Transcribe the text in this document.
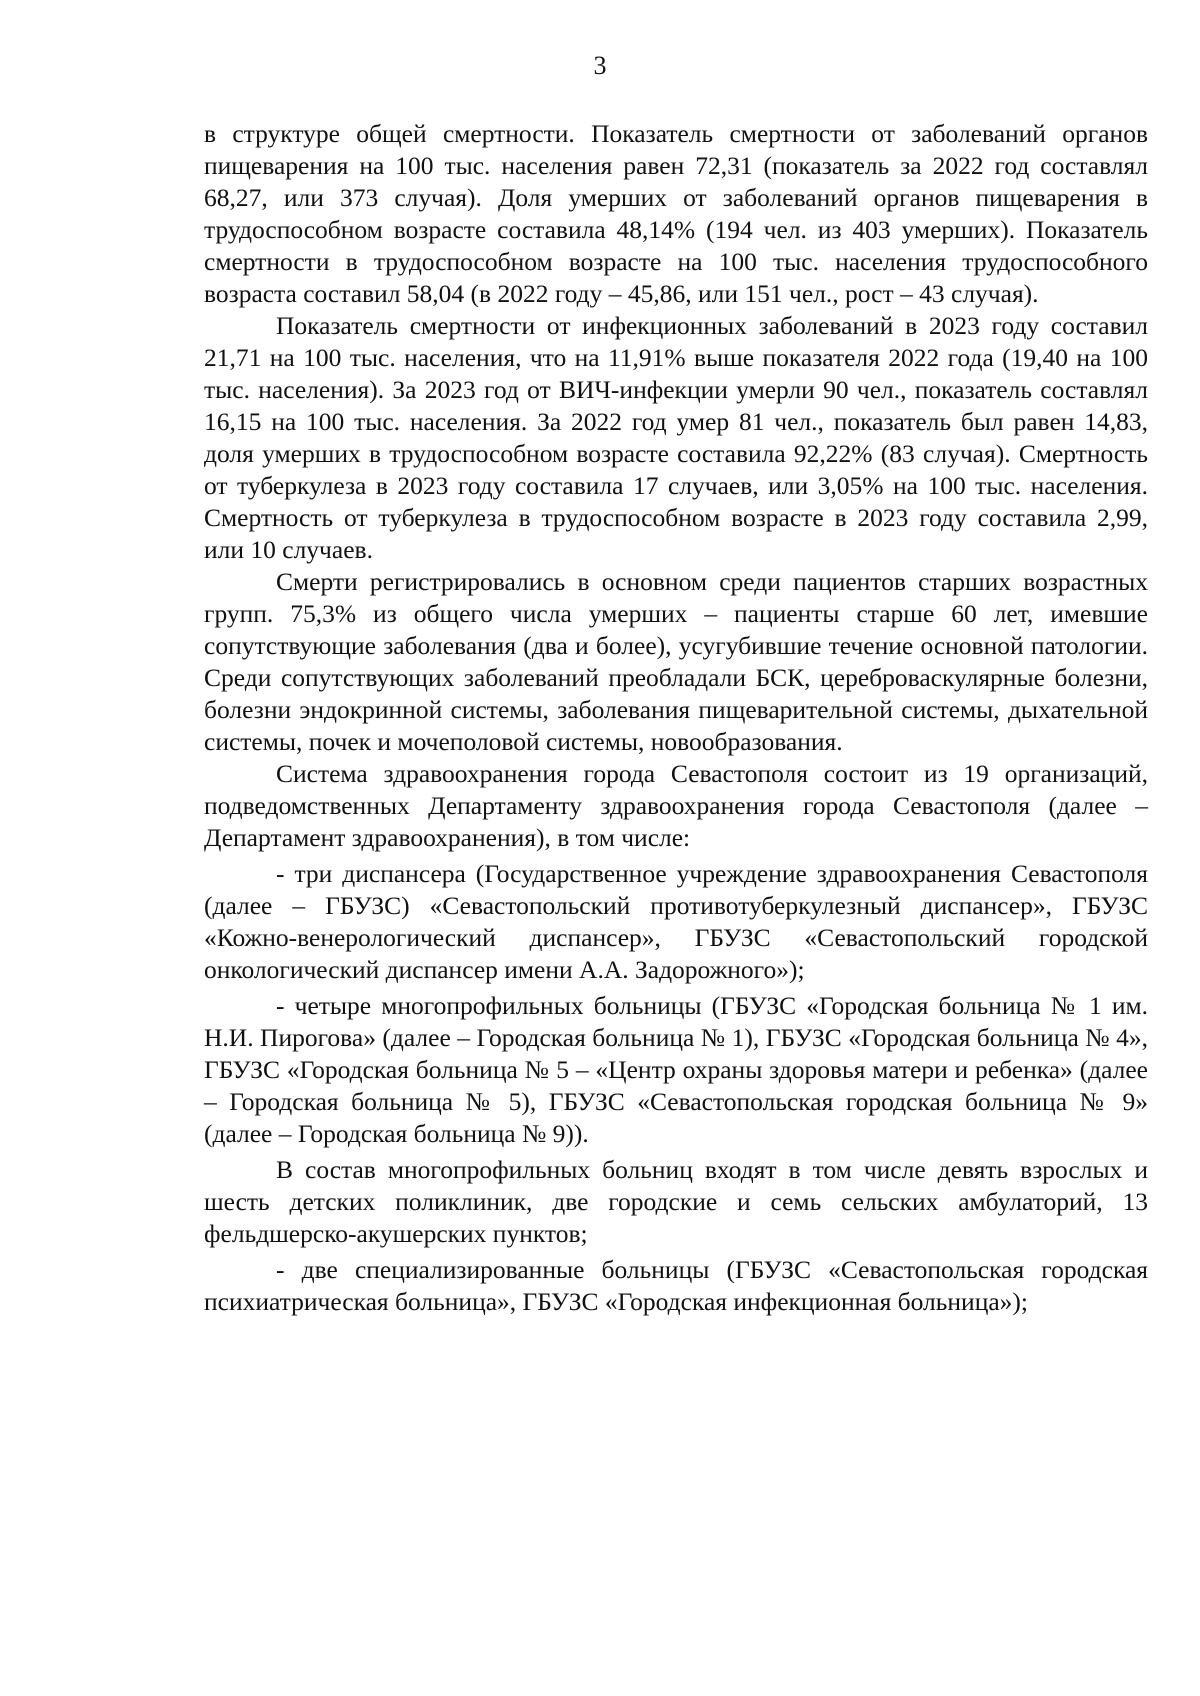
3

в структуре общей смертности. Показатель смертности от заболеваний органов пищеварения на 100 тыс. населения равен 72,31 (показатель за 2022 год составлял 68,27, или 373 случая). Доля умерших от заболеваний органов пищеварения в трудоспособном возрасте составила 48,14% (194 чел. из 403 умерших). Показатель смертности в трудоспособном возрасте на 100 тыс. населения трудоспособного возраста составил 58,04 (в 2022 году – 45,86, или 151 чел., рост – 43 случая).

Показатель смертности от инфекционных заболеваний в 2023 году составил 21,71 на 100 тыс. населения, что на 11,91% выше показателя 2022 года (19,40 на 100 тыс. населения). За 2023 год от ВИЧ-инфекции умерли 90 чел., показатель составлял 16,15 на 100 тыс. населения. За 2022 год умер 81 чел., показатель был равен 14,83, доля умерших в трудоспособном возрасте составила 92,22% (83 случая). Смертность от туберкулеза в 2023 году составила 17 случаев, или 3,05% на 100 тыс. населения. Смертность от туберкулеза в трудоспособном возрасте в 2023 году составила 2,99, или 10 случаев.

Смерти регистрировались в основном среди пациентов старших возрастных групп. 75,3% из общего числа умерших – пациенты старше 60 лет, имевшие сопутствующие заболевания (два и более), усугубившие течение основной патологии. Среди сопутствующих заболеваний преобладали БСК, цереброваскулярные болезни, болезни эндокринной системы, заболевания пищеварительной системы, дыхательной системы, почек и мочеполовой системы, новообразования.

Система здравоохранения города Севастополя состоит из 19 организаций, подведомственных Департаменту здравоохранения города Севастополя (далее – Департамент здравоохранения), в том числе:

- три диспансера (Государственное учреждение здравоохранения Севастополя (далее – ГБУЗС) «Севастопольский противотуберкулезный диспансер», ГБУЗС «Кожно-венерологический диспансер», ГБУЗС «Севастопольский городской онкологический диспансер имени А.А. Задорожного»);

- четыре многопрофильных больницы (ГБУЗС «Городская больница № 1 им. Н.И. Пирогова» (далее – Городская больница № 1), ГБУЗС «Городская больница № 4», ГБУЗС «Городская больница № 5 – «Центр охраны здоровья матери и ребенка» (далее – Городская больница № 5), ГБУЗС «Севастопольская городская больница № 9» (далее – Городская больница № 9)).

В состав многопрофильных больниц входят в том числе девять взрослых и шесть детских поликлиник, две городские и семь сельских амбулаторий, 13 фельдшерско-акушерских пунктов;

- две специализированные больницы (ГБУЗС «Севастопольская городская психиатрическая больница», ГБУЗС «Городская инфекционная больница»);
